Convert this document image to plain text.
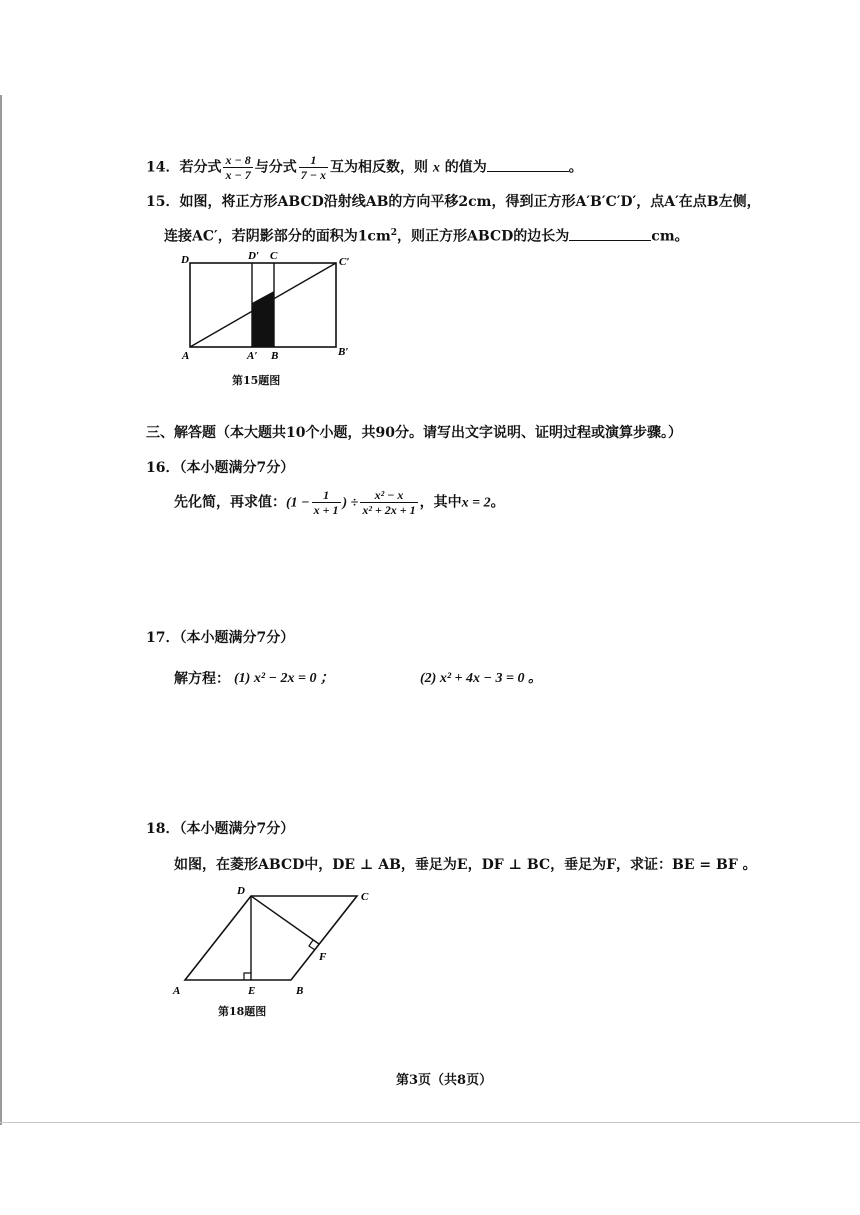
14．若分式 $\frac{x - 8}{x - 7}$ 与分式 $\frac{1}{7 - x}$ 互为相反数，则 x 的值为	。
15．如图，将正方形ABCD沿射线AB的方向平移2cm，得到正方形A′B′C′D′，点A′在点B左侧，
连接AC′，若阴影部分的面积为$1cm^2$，则正方形ABCD的边长为	cm。
D	D′ C	C′
A	A′ B	B′
第15题图
三、解答题（本大题共10个小题，共90分。请写出文字说明、证明过程或演算步骤。）
16．（本小题满分7分）
先化简，再求值：($1 - \frac{1}{x + 1}$ ) ÷ $\frac{\text{x² − x}}{\text{x² + 2x + 1}}$ ，其中x = 2。
17．（本小题满分7分）
解方程： (1) x² − 2x = 0 ；	(2) x² + 4x − 3 = 0 。
18．（本小题满分7分）
如图，在菱形ABCD中，DE ⊥ AB，垂足为E，DF ⊥ BC，垂足为F，求证：BE = BF 。
D	C
F
A	E	B
第18题图
第3页（共8页）
